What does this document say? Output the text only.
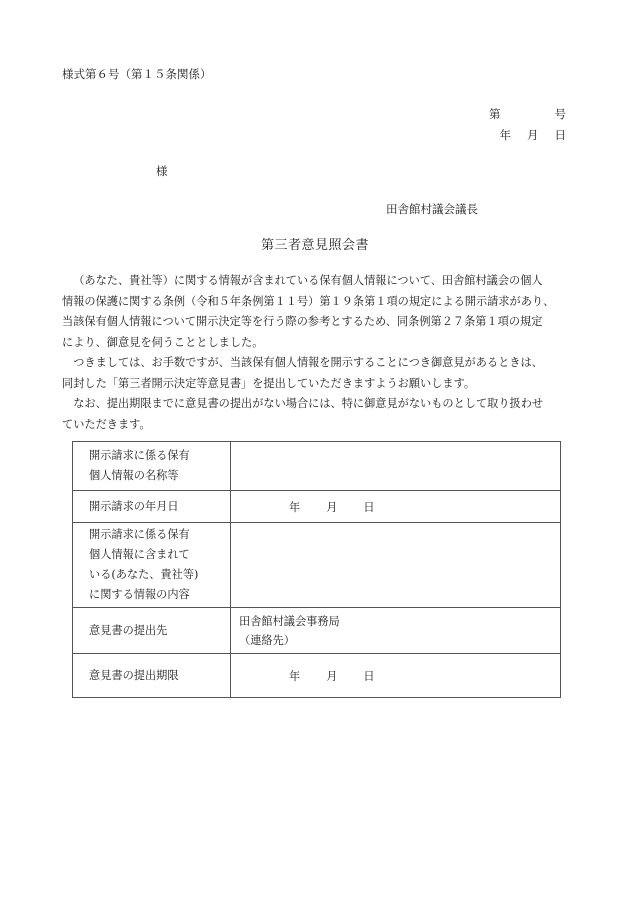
様式第６号（第１５条関係）
第	号
年 月 日
様
田舎館村議会議長
第三者意見照会書

（あなた、貴社等）に関する情報が含まれている保有個人情報について、田舎館村議会の個人
情報の保護に関する条例（令和５年条例第１１号）第１９条第１項の規定による開示請求があり、
当該保有個人情報について開示決定等を行う際の参考とするため、同条例第２７条第１項の規定
により、御意見を伺うこととしました。

つきましては、お手数ですが、当該保有個人情報を開示することにつき御意見があるときは、
同封した「第三者開示決定等意見書」を提出していただきますようお願いします。

なお、提出期限までに意見書の提出がない場合には、特に御意見がないものとして取り扱わせ
ていただきます。

開示請求に係る保有
個人情報の名称等	
開示請求の年月日	年 月 日
開示請求に係る保有
個人情報に含まれて
いる(あなた、貴社等)
に関する情報の内容	
意見書の提出先	田舎館村議会事務局
（連絡先）
意見書の提出期限	年 月 日
